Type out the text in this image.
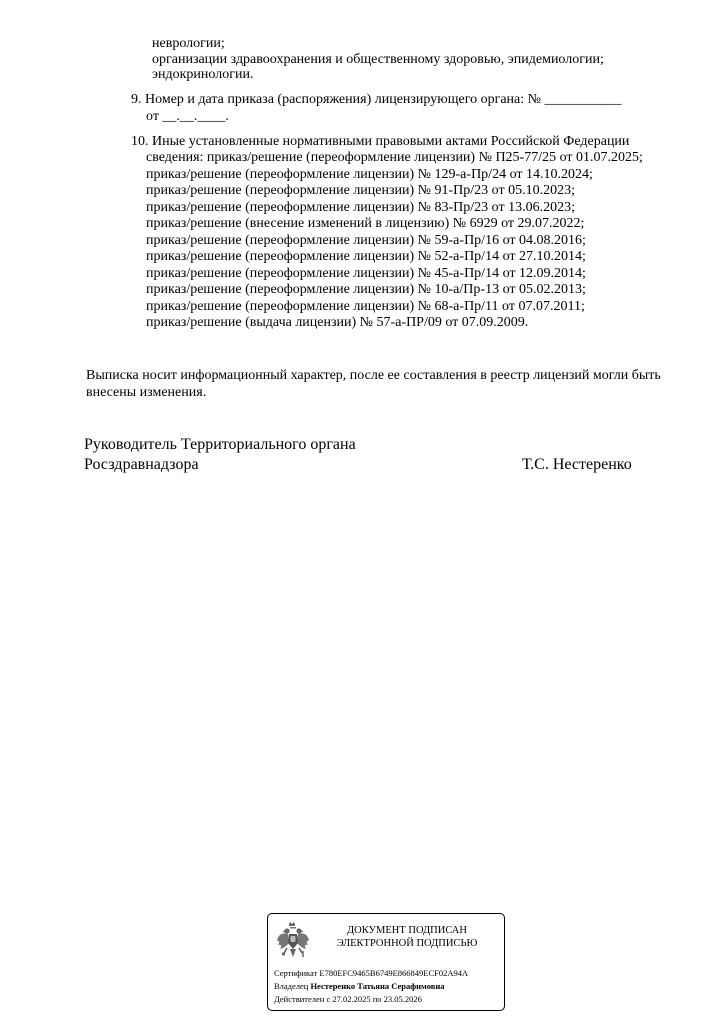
неврологии;
организации здравоохранения и общественному здоровью, эпидемиологии;
эндокринологии.
9. Номер и дата приказа (распоряжения) лицензирующего органа: № ___________
от __.__.____.
10. Иные установленные нормативными правовыми актами Российской Федерации
сведения: приказ/решение (переоформление лицензии) № П25-77/25 от 01.07.2025;
приказ/решение (переоформление лицензии) № 129-а-Пр/24 от 14.10.2024;
приказ/решение (переоформление лицензии) № 91-Пр/23 от 05.10.2023;
приказ/решение (переоформление лицензии) № 83-Пр/23 от 13.06.2023;
приказ/решение (внесение изменений в лицензию) № 6929 от 29.07.2022;
приказ/решение (переоформление лицензии) № 59-а-Пр/16 от 04.08.2016;
приказ/решение (переоформление лицензии) № 52-а-Пр/14 от 27.10.2014;
приказ/решение (переоформление лицензии) № 45-а-Пр/14 от 12.09.2014;
приказ/решение (переоформление лицензии) № 10-а/Пр-13 от 05.02.2013;
приказ/решение (переоформление лицензии) № 68-а-Пр/11 от 07.07.2011;
приказ/решение (выдача лицензии) № 57-а-ПР/09 от 07.09.2009.
Выписка носит информационный характер, после ее составления в реестр лицензий могли быть
внесены изменения.
Руководитель Территориального органа
Росздравнадзора	Т.С. Нестеренко
ДОКУМЕНТ ПОДПИСАН
ЭЛЕКТРОННОЙ ПОДПИСЬЮ
Сертификат E780EFC9465B6749E866849ECF02A94A
Владелец Нестеренко Татьяна Серафимовна
Действителен с 27.02.2025 по 23.05.2026
